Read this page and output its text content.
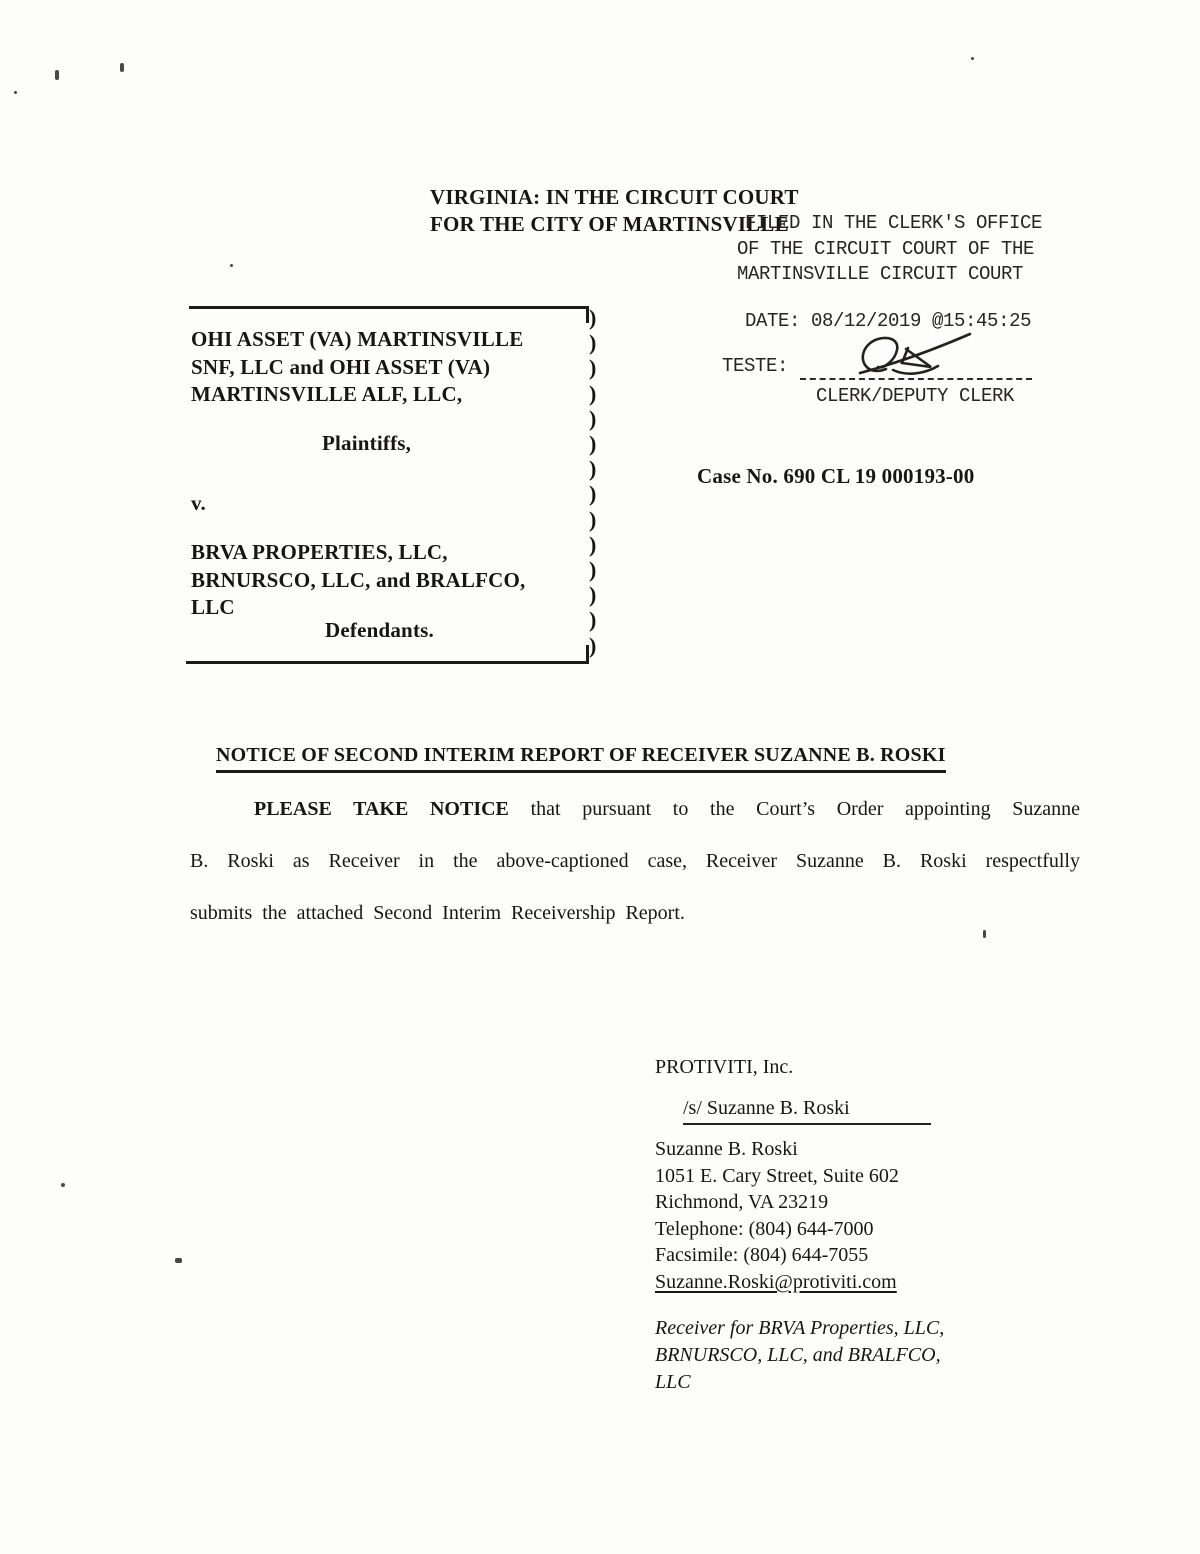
VIRGINIA: IN THE CIRCUIT COURT
FOR THE CITY OF MARTINSVILLE
FILED IN THE CLERK'S OFFICE
OF THE CIRCUIT COURT OF THE
MARTINSVILLE CIRCUIT COURT
DATE: 08/12/2019 @15:45:25
TESTE:
CLERK/DEPUTY CLERK
)
)
)
)
)
)
)
)
)
)
)
)
)
)
OHI ASSET (VA) MARTINSVILLE
SNF, LLC and OHI ASSET (VA)
MARTINSVILLE ALF, LLC,
Plaintiffs,
v.
BRVA PROPERTIES, LLC,
BRNURSCO, LLC, and BRALFCO,
LLC
Defendants.
Case No. 690 CL 19 000193-00
NOTICE OF SECOND INTERIM REPORT OF RECEIVER SUZANNE B. ROSKI
PLEASE TAKE NOTICE that pursuant to the Court’s Order appointing Suzanne
B. Roski as Receiver in the above-captioned case, Receiver Suzanne B. Roski respectfully
submits the attached Second Interim Receivership Report.
PROTIVITI, Inc.
/s/ Suzanne B. Roski
Suzanne B. Roski
1051 E. Cary Street, Suite 602
Richmond, VA 23219
Telephone: (804) 644-7000
Facsimile: (804) 644-7055
Suzanne.Roski@protiviti.com
Receiver for BRVA Properties, LLC,
BRNURSCO, LLC, and BRALFCO,
LLC
